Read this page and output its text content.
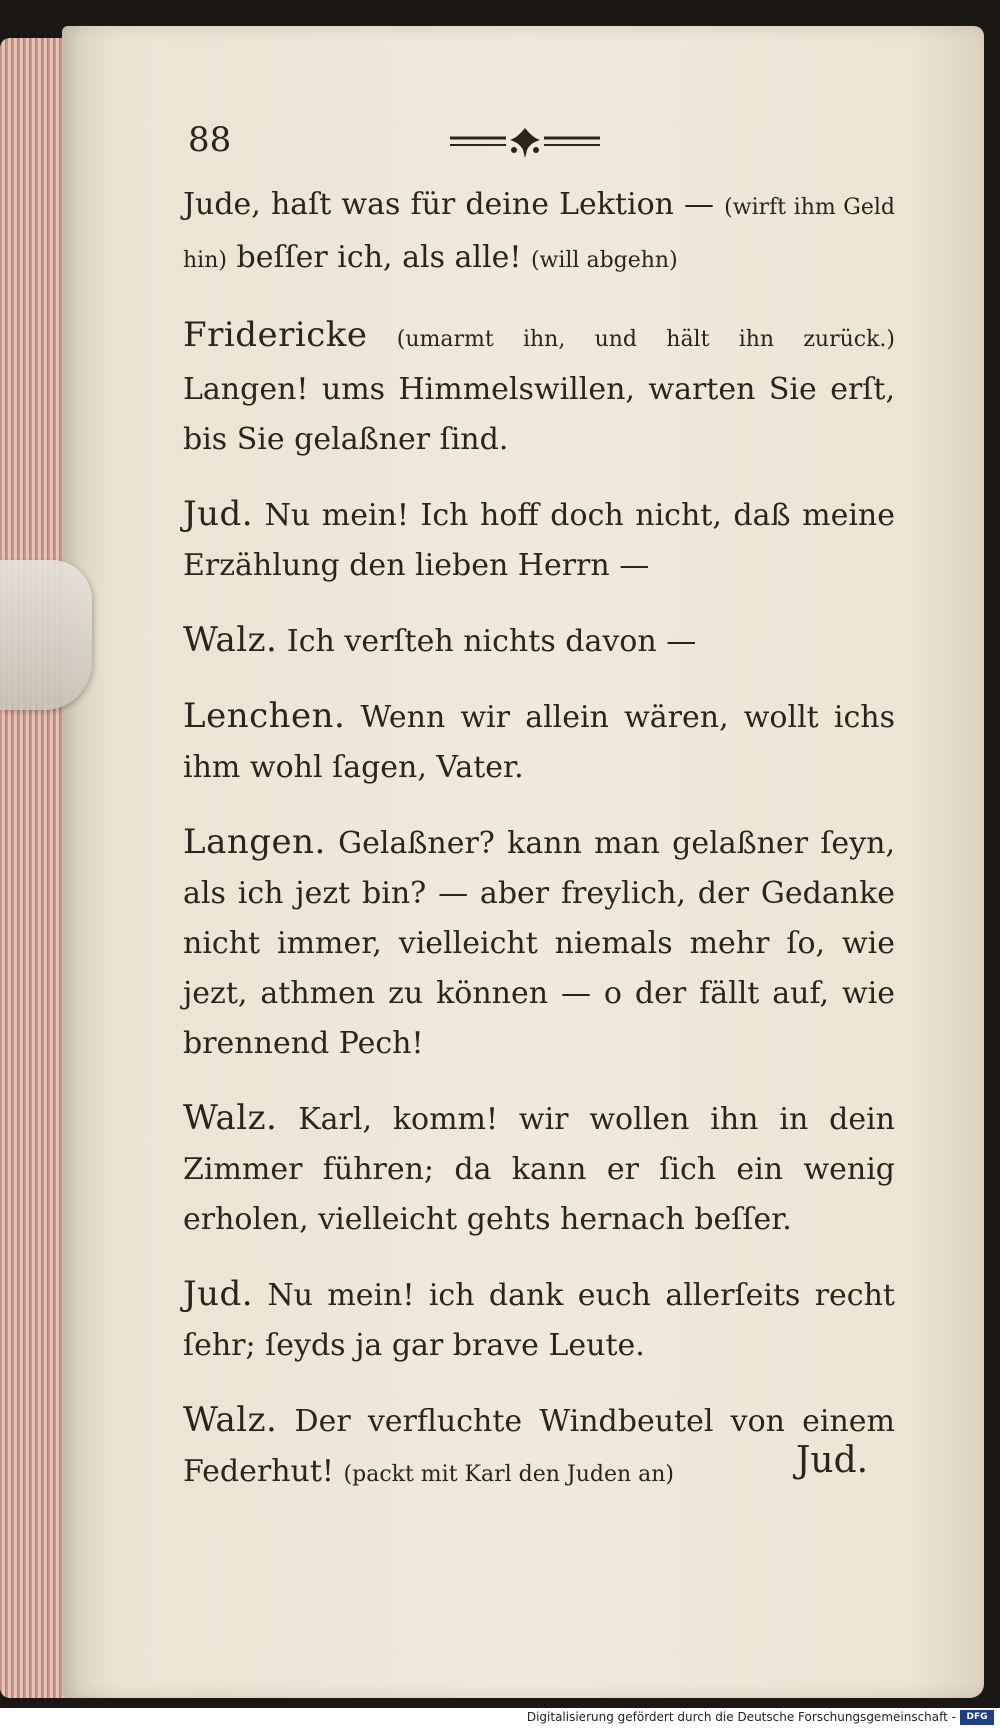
88

Jude, haſt was für deine Lektion — (wirft ihm Geld hin) beſſer ich, als alle! (will abgehn)

Fridericke (umarmt ihn, und hält ihn zurück.) Langen! ums Himmelswillen, warten Sie erſt, bis Sie gelaßner ſind.

Jud. Nu mein! Ich hoff doch nicht, daß meine Erzählung den lieben Herrn —

Walz. Ich verſteh nichts davon —

Lenchen. Wenn wir allein wären, wollt ichs ihm wohl ſagen, Vater.

Langen. Gelaßner? kann man gelaßner ſeyn, als ich jezt bin? — aber freylich, der Gedanke nicht immer, vielleicht niemals mehr ſo, wie jezt, athmen zu können — o der fällt auf, wie brennend Pech!

Walz. Karl, komm! wir wollen ihn in dein Zimmer führen; da kann er ſich ein wenig erholen, vielleicht gehts hernach beſſer.

Jud. Nu mein! ich dank euch allerſeits recht ſehr; ſeyds ja gar brave Leute.

Walz. Der verfluchte Windbeutel von einem Federhut! (packt mit Karl den Juden an)	Jud.
Digitalisierung gefördert durch die Deutsche Forschungsgemeinschaft -	DFG
